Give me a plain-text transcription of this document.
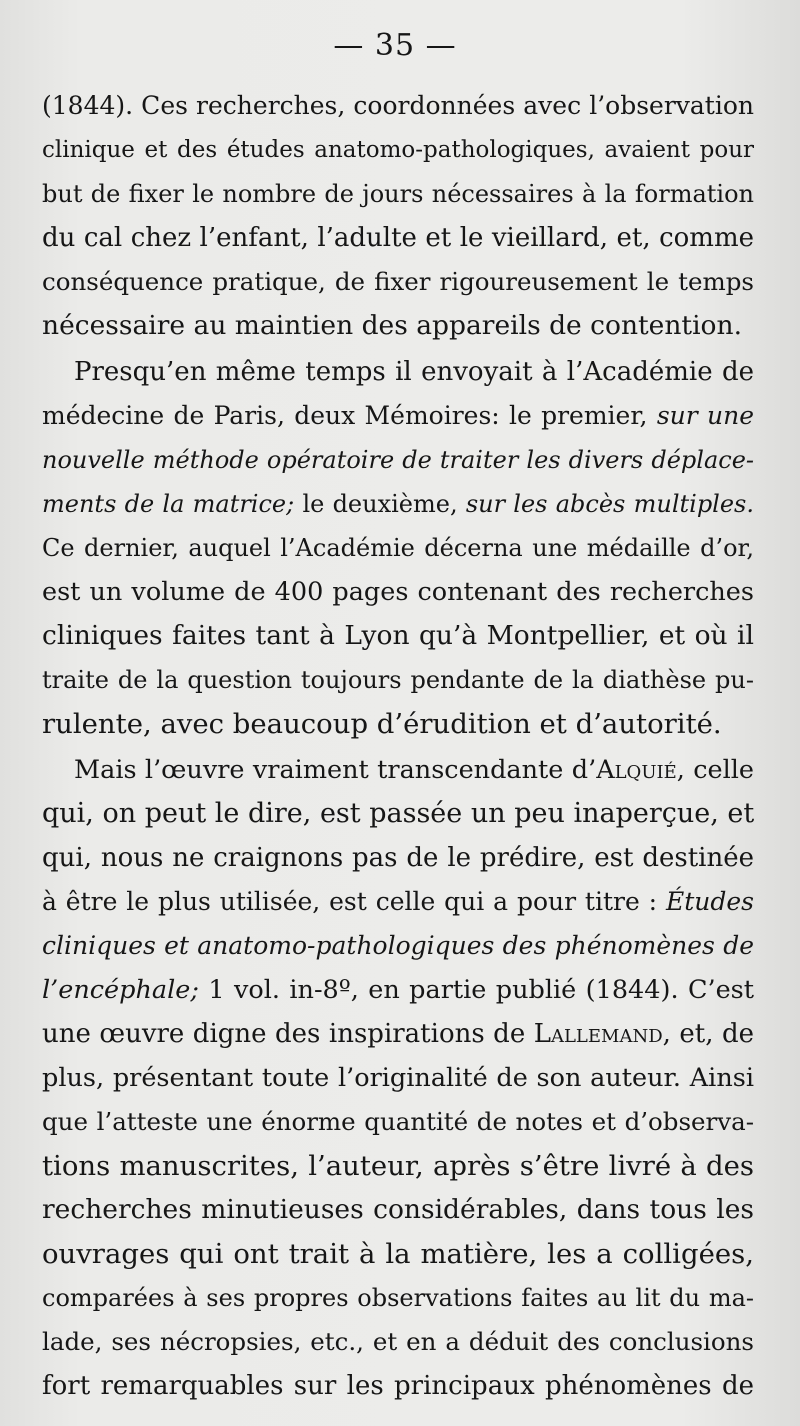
— 35 —
(1844). Ces recherches, coordonnées avec l’observation
clinique et des études anatomo-pathologiques, avaient pour
but de fixer le nombre de jours nécessaires à la formation
du cal chez l’enfant, l’adulte et le vieillard, et, comme
conséquence pratique, de fixer rigoureusement le temps
nécessaire au maintien des appareils de contention.
Presqu’en même temps il envoyait à l’Académie de
médecine de Paris, deux Mémoires: le premier, sur une
nouvelle méthode opératoire de traiter les divers déplace-
ments de la matrice; le deuxième, sur les abcès multiples.
Ce dernier, auquel l’Académie décerna une médaille d’or,
est un volume de 400 pages contenant des recherches
cliniques faites tant à Lyon qu’à Montpellier, et où il
traite de la question toujours pendante de la diathèse pu-
rulente, avec beaucoup d’érudition et d’autorité.
Mais l’œuvre vraiment transcendante d’Alquié, celle
qui, on peut le dire, est passée un peu inaperçue, et
qui, nous ne craignons pas de le prédire, est destinée
à être le plus utilisée, est celle qui a pour titre : Études
cliniques et anatomo-pathologiques des phénomènes de
l’encéphale; 1 vol. in-8º, en partie publié (1844). C’est
une œuvre digne des inspirations de Lallemand, et, de
plus, présentant toute l’originalité de son auteur. Ainsi
que l’atteste une énorme quantité de notes et d’observa-
tions manuscrites, l’auteur, après s’être livré à des
recherches minutieuses considérables, dans tous les
ouvrages qui ont trait à la matière, les a colligées,
comparées à ses propres observations faites au lit du ma-
lade, ses nécropsies, etc., et en a déduit des conclusions
fort remarquables sur les principaux phénomènes de
